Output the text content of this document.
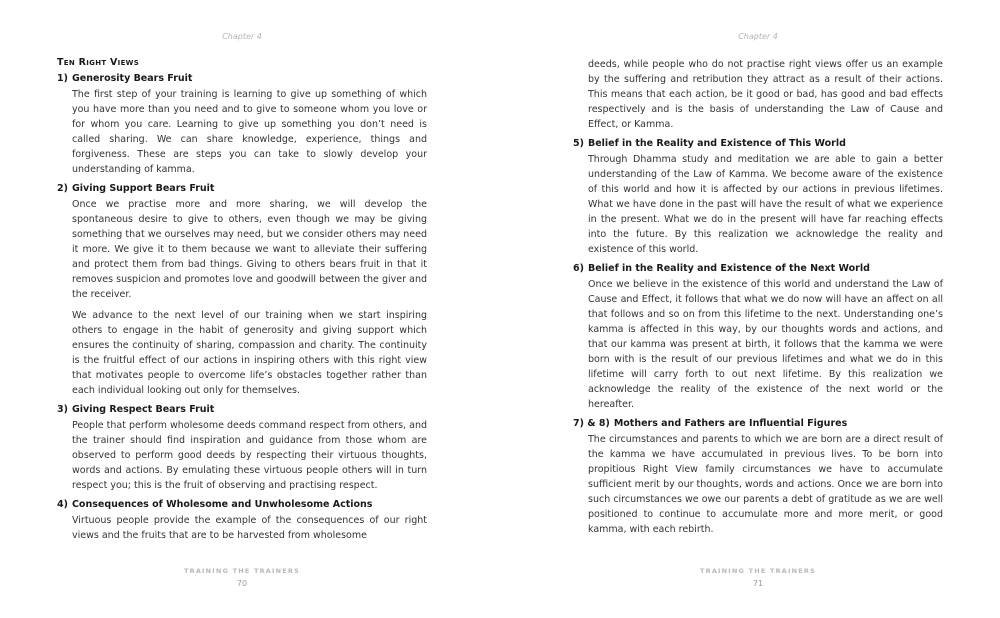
Chapter 4
Ten Right Views
1) Generosity Bears Fruit

The first step of your training is learning to give up something of which you have more than you need and to give to someone whom you love or for whom you care. Learning to give up something you don’t need is called sharing. We can share knowledge, experience, things and forgiveness. These are steps you can take to slowly develop your understanding of kamma.

2) Giving Support Bears Fruit

Once we practise more and more sharing, we will develop the spontaneous desire to give to others, even though we may be giving something that we ourselves may need, but we consider others may need it more. We give it to them because we want to alleviate their suffering and protect them from bad things. Giving to others bears fruit in that it removes suspicion and promotes love and goodwill between the giver and the receiver.

We advance to the next level of our training when we start inspiring others to engage in the habit of generosity and giving support which ensures the continuity of sharing, compassion and charity. The continuity is the fruitful effect of our actions in inspiring others with this right view that motivates people to overcome life’s obstacles together rather than each individual looking out only for themselves.

3) Giving Respect Bears Fruit

People that perform wholesome deeds command respect from others, and the trainer should find inspiration and guidance from those whom are observed to perform good deeds by respecting their virtuous thoughts, words and actions. By emulating these virtuous people others will in turn respect you; this is the fruit of observing and practising respect.

4) Consequences of Wholesome and Unwholesome Actions

Virtuous people provide the example of the consequences of our right views and the fruits that are to be harvested from wholesome

TRAINING THE TRAINERS
70
Chapter 4

deeds, while people who do not practise right views offer us an example by the suffering and retribution they attract as a result of their actions. This means that each action, be it good or bad, has good and bad effects respectively and is the basis of understanding the Law of Cause and Effect, or Kamma.

5) Belief in the Reality and Existence of This World

Through Dhamma study and meditation we are able to gain a better understanding of the Law of Kamma. We become aware of the existence of this world and how it is affected by our actions in previous lifetimes. What we have done in the past will have the result of what we experience in the present. What we do in the present will have far reaching effects into the future. By this realization we acknowledge the reality and existence of this world.

6) Belief in the Reality and Existence of the Next World

Once we believe in the existence of this world and understand the Law of Cause and Effect, it follows that what we do now will have an affect on all that follows and so on from this lifetime to the next. Understanding one’s kamma is affected in this way, by our thoughts words and actions, and that our kamma was present at birth, it follows that the kamma we were born with is the result of our previous lifetimes and what we do in this lifetime will carry forth to out next lifetime. By this realization we acknowledge the reality of the existence of the next world or the hereafter.

7) & 8) Mothers and Fathers are Influential Figures

The circumstances and parents to which we are born are a direct result of the kamma we have accumulated in previous lives. To be born into propitious Right View family circumstances we have to accumulate sufficient merit by our thoughts, words and actions. Once we are born into such circumstances we owe our parents a debt of gratitude as we are well positioned to continue to accumulate more and more merit, or good kamma, with each rebirth.

TRAINING THE TRAINERS
71
